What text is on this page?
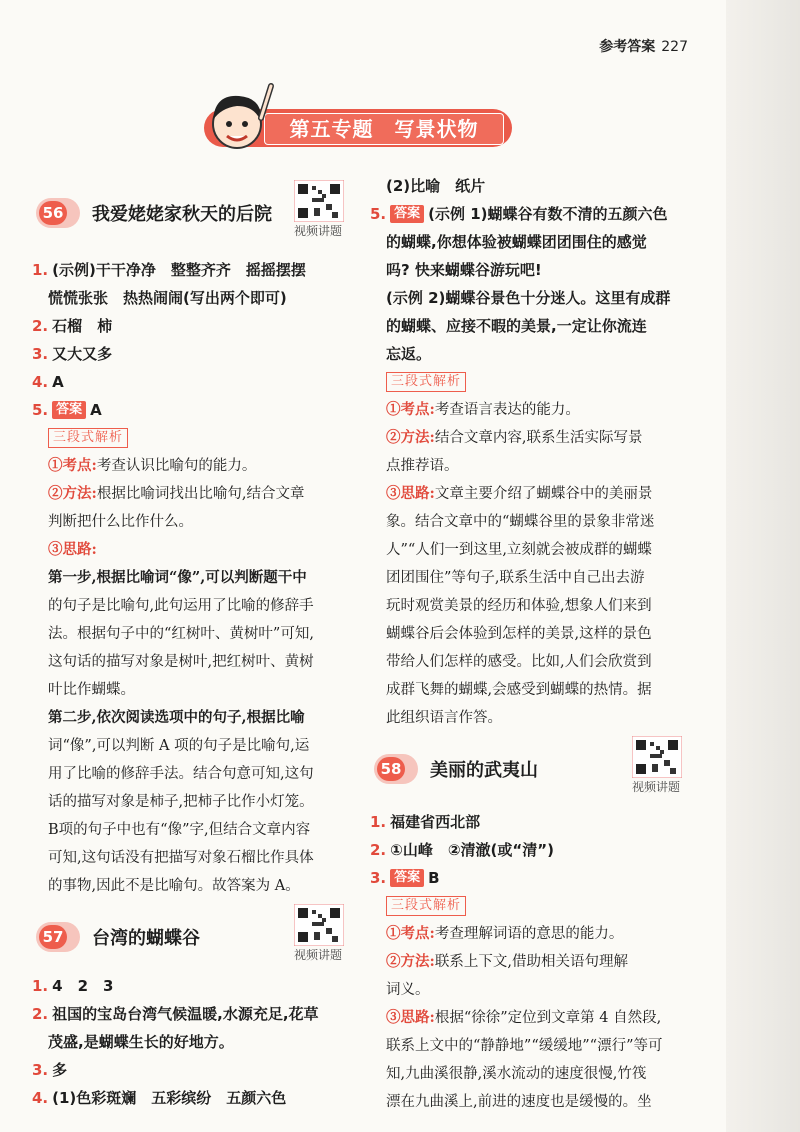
参考答案 227
第五专题　写景状物
56 我爱姥姥家秋天的后院
视频讲题
1. (示例)干干净净　整整齐齐　摇摇摆摆
慌慌张张　热热闹闹(写出两个即可)
2. 石榴　柿
3. 又大又多
4. A
5. 答案 A
三段式解析
①考点:考查认识比喻句的能力。
②方法:根据比喻词找出比喻句,结合文章
判断把什么比作什么。
③思路:
第一步,根据比喻词“像”,可以判断题干中
的句子是比喻句,此句运用了比喻的修辞手
法。根据句子中的“红树叶、黄树叶”可知,
这句话的描写对象是树叶,把红树叶、黄树
叶比作蝴蝶。
第二步,依次阅读选项中的句子,根据比喻
词“像”,可以判断 A 项的句子是比喻句,运
用了比喻的修辞手法。结合句意可知,这句
话的描写对象是柿子,把柿子比作小灯笼。
B项的句子中也有“像”字,但结合文章内容
可知,这句话没有把描写对象石榴比作具体
的事物,因此不是比喻句。故答案为 A。
57 台湾的蝴蝶谷
视频讲题
1. 4　2　3
2. 祖国的宝岛台湾气候温暖,水源充足,花草
茂盛,是蝴蝶生长的好地方。
3. 多
4. (1)色彩斑斓　五彩缤纷　五颜六色
(2)比喻　纸片
5. 答案 (示例 1)蝴蝶谷有数不清的五颜六色
的蝴蝶,你想体验被蝴蝶团团围住的感觉
吗? 快来蝴蝶谷游玩吧!
(示例 2)蝴蝶谷景色十分迷人。这里有成群
的蝴蝶、应接不暇的美景,一定让你流连
忘返。
三段式解析
①考点:考查语言表达的能力。
②方法:结合文章内容,联系生活实际写景
点推荐语。
③思路:文章主要介绍了蝴蝶谷中的美丽景
象。结合文章中的“蝴蝶谷里的景象非常迷
人”“人们一到这里,立刻就会被成群的蝴蝶
团团围住”等句子,联系生活中自己出去游
玩时观赏美景的经历和体验,想象人们来到
蝴蝶谷后会体验到怎样的美景,这样的景色
带给人们怎样的感受。比如,人们会欣赏到
成群飞舞的蝴蝶,会感受到蝴蝶的热情。据
此组织语言作答。
58 美丽的武夷山
视频讲题
1. 福建省西北部
2. ①山峰　②清澈(或“清”)
3. 答案 B
三段式解析
①考点:考查理解词语的意思的能力。
②方法:联系上下文,借助相关语句理解
词义。
③思路:根据“徐徐”定位到文章第 4 自然段,
联系上文中的“静静地”“缓缓地”“漂行”等可
知,九曲溪很静,溪水流动的速度很慢,竹筏
漂在九曲溪上,前进的速度也是缓慢的。坐
